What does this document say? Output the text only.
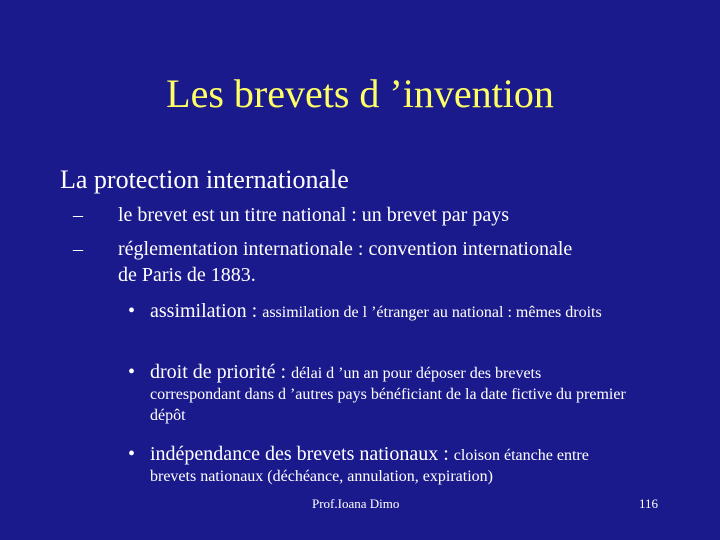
Les brevets d ’invention
La protection internationale
– le brevet est un titre national : un brevet par pays
– réglementation internationale : convention internationale de Paris de 1883.
• assimilation : assimilation de l ’étranger au national : mêmes droits
• droit de priorité : délai d ’un an pour déposer des brevets correspondant dans d ’autres pays bénéficiant de la date fictive du premier dépôt
• indépendance des brevets nationaux : cloison étanche entre brevets nationaux (déchéance, annulation, expiration)
Prof.Ioana Dimo	116
